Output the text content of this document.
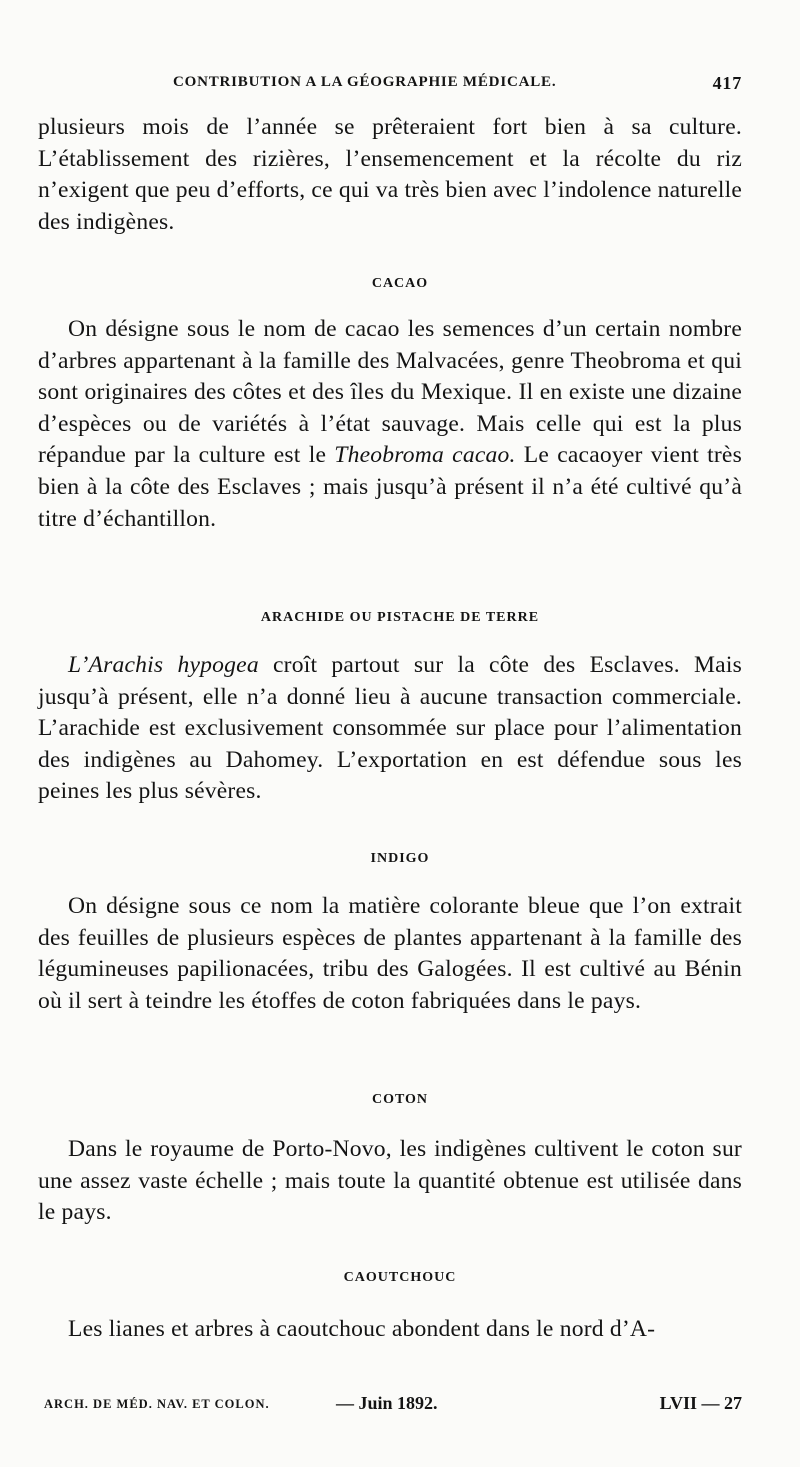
CONTRIBUTION A LA GÉOGRAPHIE MÉDICALE.	417

plusieurs mois de l’année se prêteraient fort bien à sa culture. L’établissement des rizières, l’ensemencement et la récolte du riz n’exigent que peu d’efforts, ce qui va très bien avec l’indolence naturelle des indigènes.

CACAO

On désigne sous le nom de cacao les semences d’un certain nombre d’arbres appartenant à la famille des Malvacées, genre Theobroma et qui sont originaires des côtes et des îles du Mexique. Il en existe une dizaine d’espèces ou de variétés à l’état sauvage. Mais celle qui est la plus répandue par la culture est le Theobroma cacao. Le cacaoyer vient très bien à la côte des Esclaves ; mais jusqu’à présent il n’a été cultivé qu’à titre d’échantillon.

ARACHIDE OU PISTACHE DE TERRE

L’Arachis hypogea croît partout sur la côte des Esclaves. Mais jusqu’à présent, elle n’a donné lieu à aucune transaction commerciale. L’arachide est exclusivement consommée sur place pour l’alimentation des indigènes au Dahomey. L’exportation en est défendue sous les peines les plus sévères.

INDIGO

On désigne sous ce nom la matière colorante bleue que l’on extrait des feuilles de plusieurs espèces de plantes appartenant à la famille des légumineuses papilionacées, tribu des Galogées. Il est cultivé au Bénin où il sert à teindre les étoffes de coton fabriquées dans le pays.

COTON

Dans le royaume de Porto-Novo, les indigènes cultivent le coton sur une assez vaste échelle ; mais toute la quantité obtenue est utilisée dans le pays.

CAOUTCHOUC

Les lianes et arbres à caoutchouc abondent dans le nord d’A-

ARCH. DE MÉD. NAV. ET COLON.	— Juin 1892.	LVII — 27
